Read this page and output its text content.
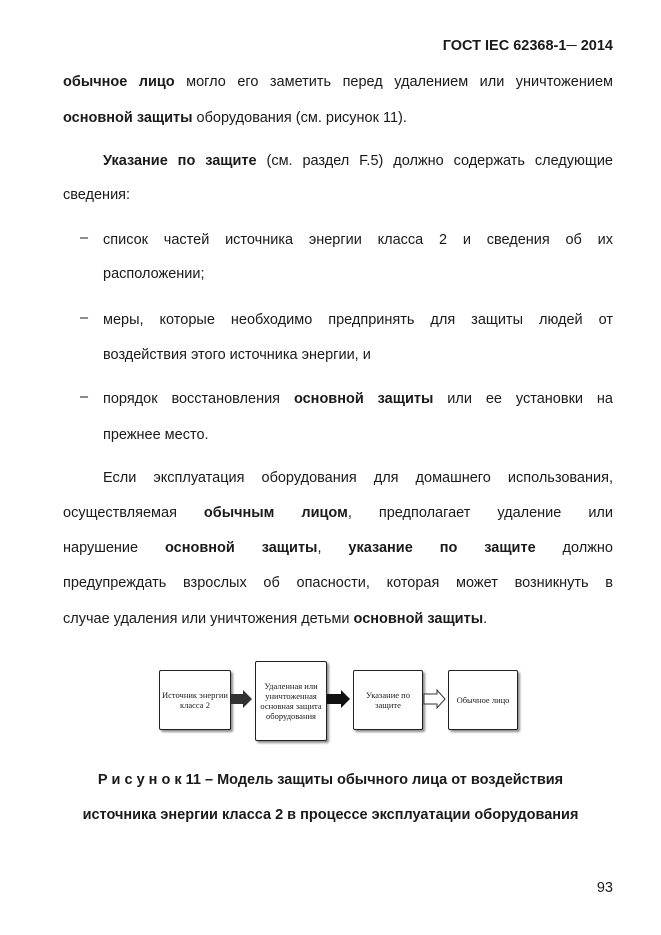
ГОСТ IEC 62368-1─ 2014
обычное лицо могло его заметить перед удалением или уничтожением
основной защиты оборудования (см. рисунок 11).
Указание по защите (см. раздел F.5) должно содержать следующие
сведения:
– список частей источника энергии класса 2 и сведения об их
расположении;
– меры, которые необходимо предпринять для защиты людей от
воздействия этого источника энергии, и
– порядок восстановления основной защиты или ее установки на
прежнее место.
Если эксплуатация оборудования для домашнего использования,
осуществляемая обычным лицом, предполагает удаление или
нарушение основной защиты, указание по защите должно
предупреждать взрослых об опасности, которая может возникнуть в
случае удаления или уничтожения детьми основной защиты.
Источник энергии класса 2
Удаленная или уничтоженная основная защита оборудования
Указание по защите	Обычное лицо
Р и с у н о к 11 – Модель защиты обычного лица от воздействия
источника энергии класса 2 в процессе эксплуатации оборудования
93
